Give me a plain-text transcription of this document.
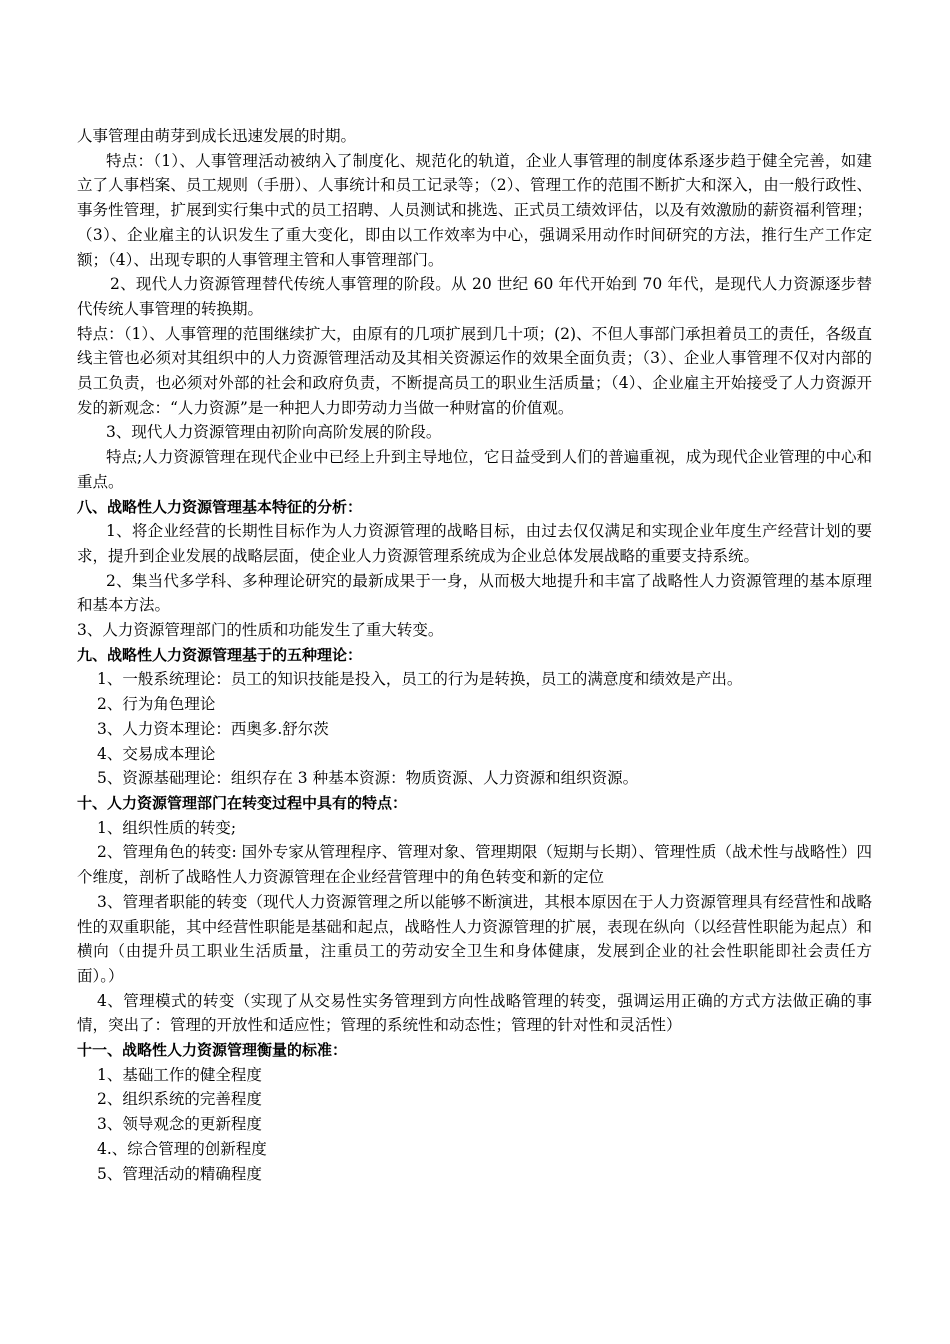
人事管理由萌芽到成长迅速发展的时期。

特点：（1）、人事管理活动被纳入了制度化、规范化的轨道，企业人事管理的制度体系逐步趋于健全完善，如建立了人事档案、员工规则（手册）、人事统计和员工记录等；（2）、管理工作的范围不断扩大和深入，由一般行政性、事务性管理，扩展到实行集中式的员工招聘、人员测试和挑选、正式员工绩效评估，以及有效激励的薪资福利管理；（3）、企业雇主的认识发生了重大变化，即由以工作效率为中心，强调采用动作时间研究的方法，推行生产工作定额；（4）、出现专职的人事管理主管和人事管理部门。

2、现代人力资源管理替代传统人事管理的阶段。从 20 世纪 60 年代开始到 70 年代，是现代人力资源逐步替代传统人事管理的转换期。

特点：（1）、人事管理的范围继续扩大，由原有的几项扩展到几十项；(2)、不但人事部门承担着员工的责任，各级直线主管也必须对其组织中的人力资源管理活动及其相关资源运作的效果全面负责；（3）、企业人事管理不仅对内部的员工负责，也必须对外部的社会和政府负责，不断提高员工的职业生活质量；（4）、企业雇主开始接受了人力资源开发的新观念：“人力资源”是一种把人力即劳动力当做一种财富的价值观。

3、现代人力资源管理由初阶向高阶发展的阶段。

特点;人力资源管理在现代企业中已经上升到主导地位，它日益受到人们的普遍重视，成为现代企业管理的中心和重点。

八、战略性人力资源管理基本特征的分析：

1、将企业经营的长期性目标作为人力资源管理的战略目标，由过去仅仅满足和实现企业年度生产经营计划的要求，提升到企业发展的战略层面，使企业人力资源管理系统成为企业总体发展战略的重要支持系统。

2、集当代多学科、多种理论研究的最新成果于一身，从而极大地提升和丰富了战略性人力资源管理的基本原理和基本方法。

3、人力资源管理部门的性质和功能发生了重大转变。

九、战略性人力资源管理基于的五种理论：

1、一般系统理论：员工的知识技能是投入，员工的行为是转换，员工的满意度和绩效是产出。

2、行为角色理论

3、人力资本理论：西奥多.舒尔茨

4、交易成本理论

5、资源基础理论：组织存在 3 种基本资源：物质资源、人力资源和组织资源。

十、人力资源管理部门在转变过程中具有的特点：

1、组织性质的转变;

2、管理角色的转变: 国外专家从管理程序、管理对象、管理期限（短期与长期）、管理性质（战术性与战略性）四个维度，剖析了战略性人力资源管理在企业经营管理中的角色转变和新的定位

3、管理者职能的转变（现代人力资源管理之所以能够不断演进，其根本原因在于人力资源管理具有经营性和战略性的双重职能，其中经营性职能是基础和起点，战略性人力资源管理的扩展，表现在纵向（以经营性职能为起点）和横向（由提升员工职业生活质量，注重员工的劳动安全卫生和身体健康，发展到企业的社会性职能即社会责任方面）。）

4、管理模式的转变（实现了从交易性实务管理到方向性战略管理的转变，强调运用正确的方式方法做正确的事情，突出了：管理的开放性和适应性；管理的系统性和动态性；管理的针对性和灵活性）

十一、战略性人力资源管理衡量的标准：

1、基础工作的健全程度

2、组织系统的完善程度

3、领导观念的更新程度

4.、综合管理的创新程度

5、管理活动的精确程度
